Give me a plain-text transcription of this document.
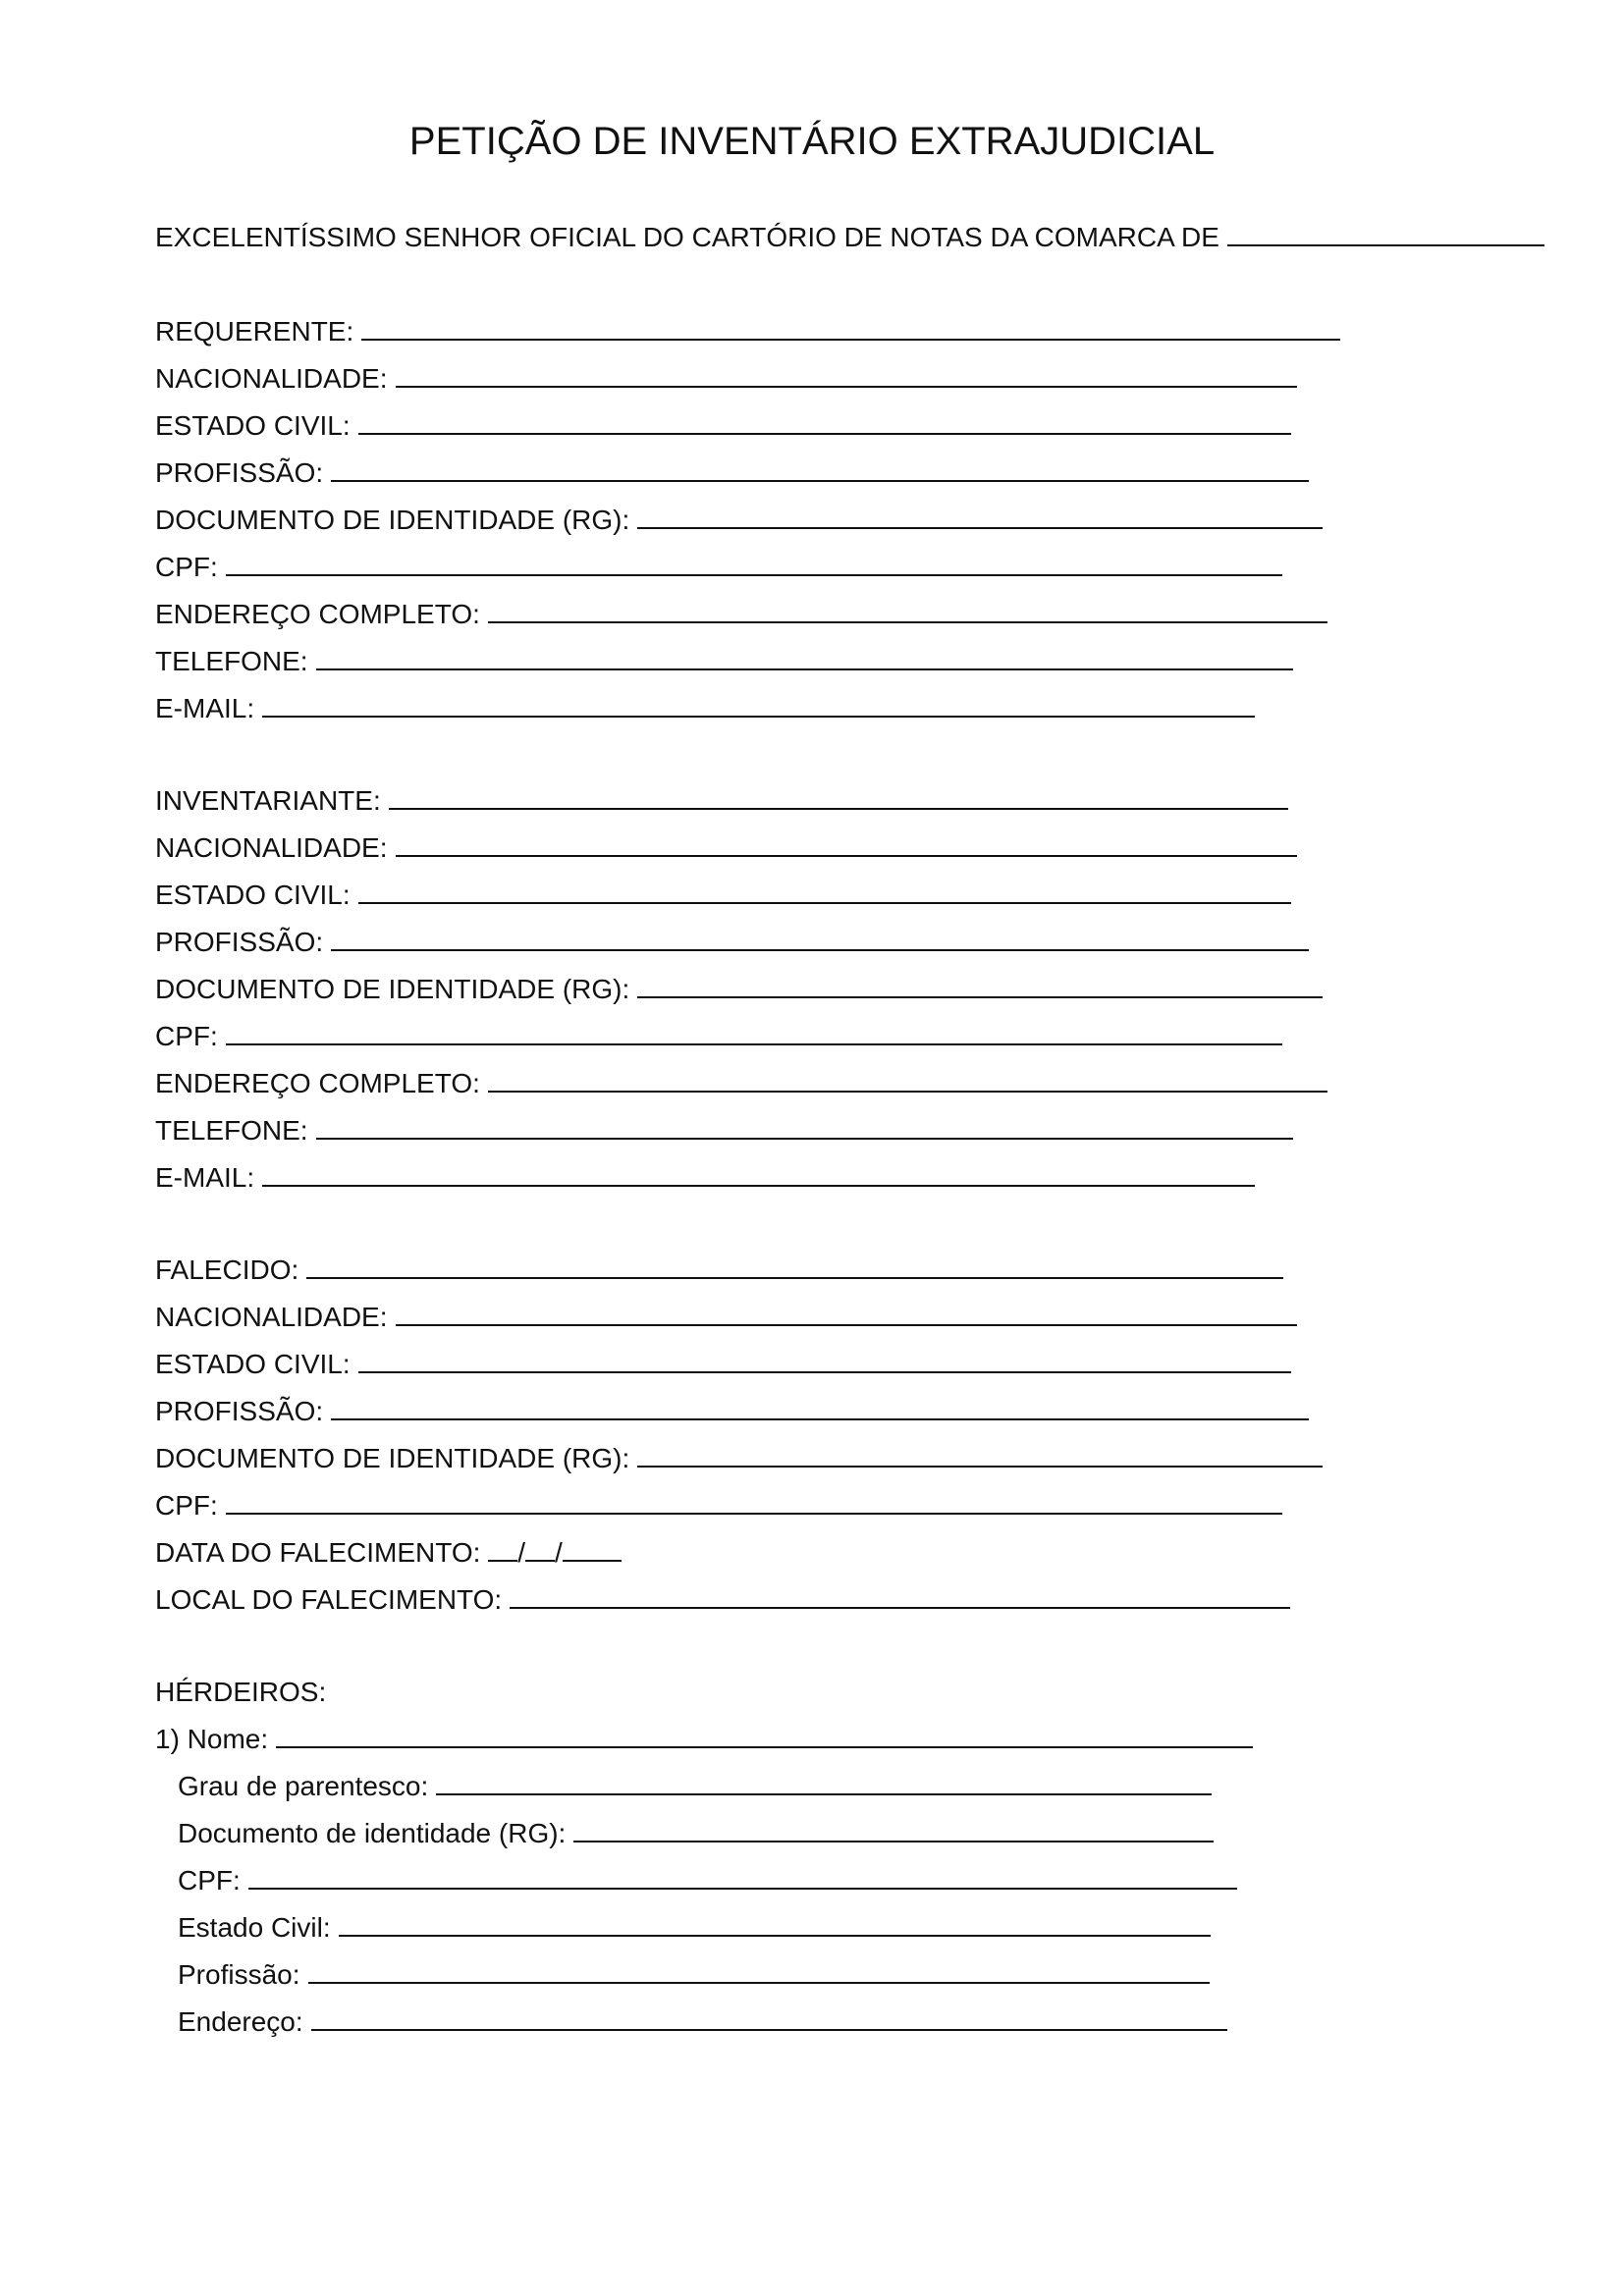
PETIÇÃO DE INVENTÁRIO EXTRAJUDICIAL

EXCELENTÍSSIMO SENHOR OFICIAL DO CARTÓRIO DE NOTAS DA COMARCA DE

REQUERENTE:

NACIONALIDADE:

ESTADO CIVIL:

PROFISSÃO:

DOCUMENTO DE IDENTIDADE (RG):

CPF:

ENDEREÇO COMPLETO:

TELEFONE:

E-MAIL:

INVENTARIANTE:

NACIONALIDADE:

ESTADO CIVIL:

PROFISSÃO:

DOCUMENTO DE IDENTIDADE (RG):

CPF:

ENDEREÇO COMPLETO:

TELEFONE:

E-MAIL:

FALECIDO:

NACIONALIDADE:

ESTADO CIVIL:

PROFISSÃO:

DOCUMENTO DE IDENTIDADE (RG):

CPF:

DATA DO FALECIMENTO: / /

LOCAL DO FALECIMENTO:

HÉRDEIROS:

1) Nome:

Grau de parentesco:

Documento de identidade (RG):

CPF:

Estado Civil:

Profissão:

Endereço:
